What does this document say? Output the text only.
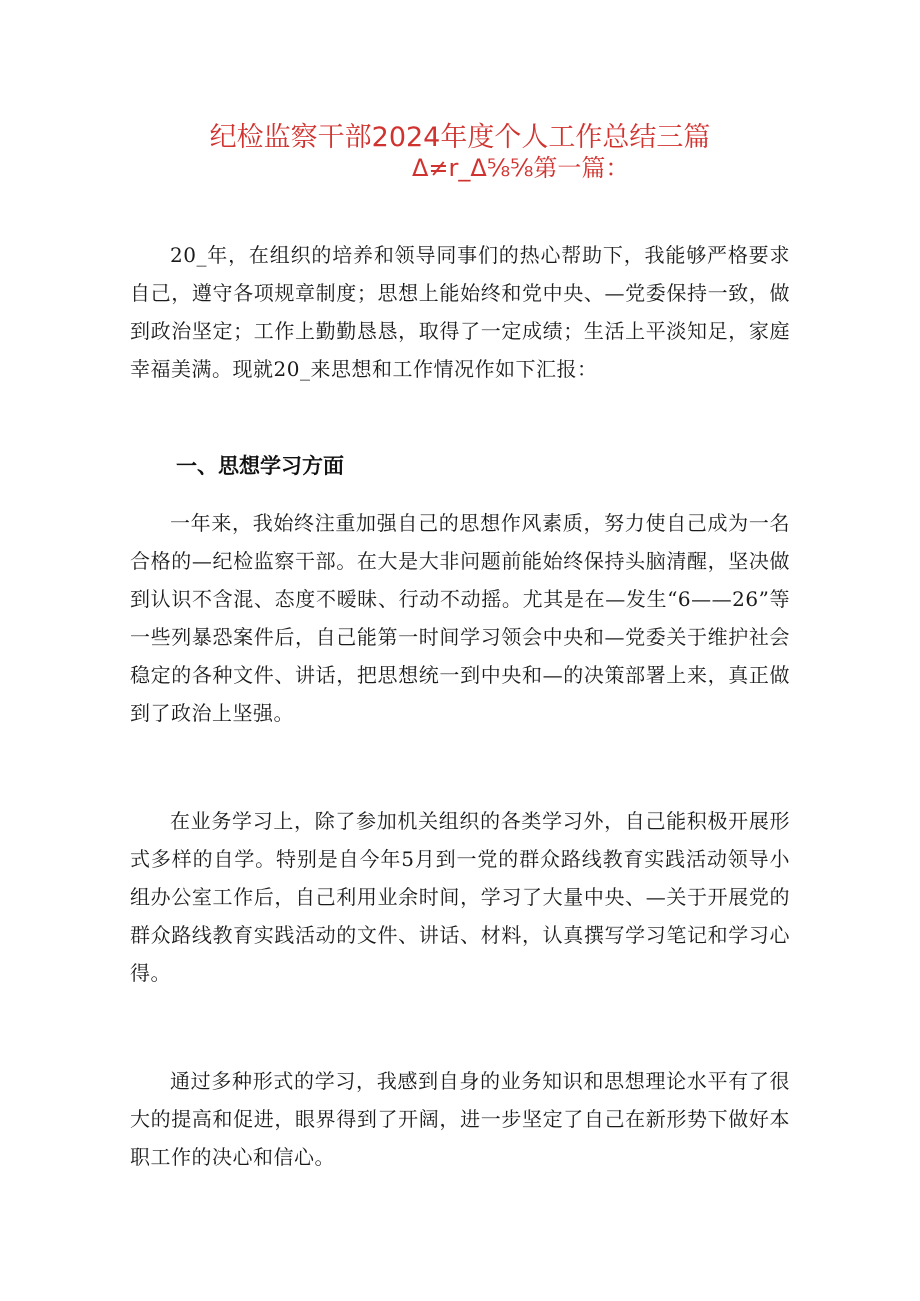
纪检监察干部2024年度个人工作总结三篇
Δ≠r_Δ⅝⅝第一篇：

20_年，在组织的培养和领导同事们的热心帮助下，我能够严格要求自己，遵守各项规章制度；思想上能始终和党中央、—党委保持一致，做到政治坚定；工作上勤勤恳恳，取得了一定成绩；生活上平淡知足，家庭幸福美满。现就20_来思想和工作情况作如下汇报：

一、思想学习方面

一年来，我始终注重加强自己的思想作风素质，努力使自己成为一名合格的—纪检监察干部。在大是大非问题前能始终保持头脑清醒，坚决做到认识不含混、态度不暧昧、行动不动摇。尤其是在—发生“6——26”等一些列暴恐案件后，自己能第一时间学习领会中央和—党委关于维护社会稳定的各种文件、讲话，把思想统一到中央和—的决策部署上来，真正做到了政治上坚强。

在业务学习上，除了参加机关组织的各类学习外，自己能积极开展形式多样的自学。特别是自今年5月到一党的群众路线教育实践活动领导小组办公室工作后，自己利用业余时间，学习了大量中央、—关于开展党的群众路线教育实践活动的文件、讲话、材料，认真撰写学习笔记和学习心得。

通过多种形式的学习，我感到自身的业务知识和思想理论水平有了很大的提高和促进，眼界得到了开阔，进一步坚定了自己在新形势下做好本职工作的决心和信心。
